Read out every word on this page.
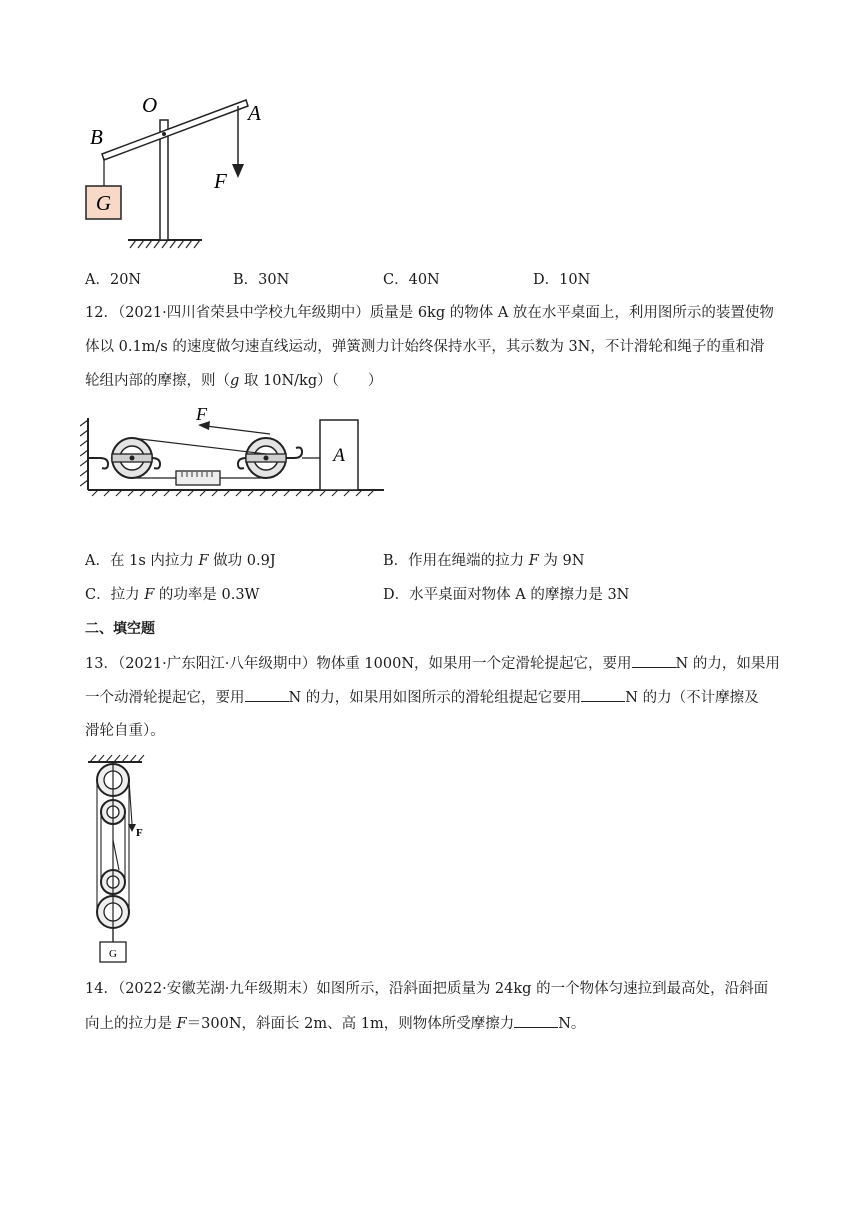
G
O	A
B
F
A．20N	B．30N	C．40N	D．10N
12．（2021·四川省荣县中学校九年级期中）质量是 6kg 的物体 A 放在水平桌面上，利用图所示的装置使物
体以 0.1m/s 的速度做匀速直线运动，弹簧测力计始终保持水平，其示数为 3N，不计滑轮和绳子的重和滑
轮组内部的摩擦，则（g 取 10N/kg）（　　）
F
A
A．在 1s 内拉力 F 做功 0.9J	B．作用在绳端的拉力 F 为 9N
C．拉力 F 的功率是 0.3W	D．水平桌面对物体 A 的摩擦力是 3N
二、填空题
13．（2021·广东阳江·八年级期中）物体重 1000N，如果用一个定滑轮提起它，要用	N 的力，如果用
一个动滑轮提起它，要用	N 的力，如果用如图所示的滑轮组提起它要用	N 的力（不计摩擦及
滑轮自重）。
F
G
14．（2022·安徽芜湖·九年级期末）如图所示，沿斜面把质量为 24kg 的一个物体匀速拉到最高处，沿斜面
向上的拉力是 F＝300N，斜面长 2m、高 1m，则物体所受摩擦力	N。
